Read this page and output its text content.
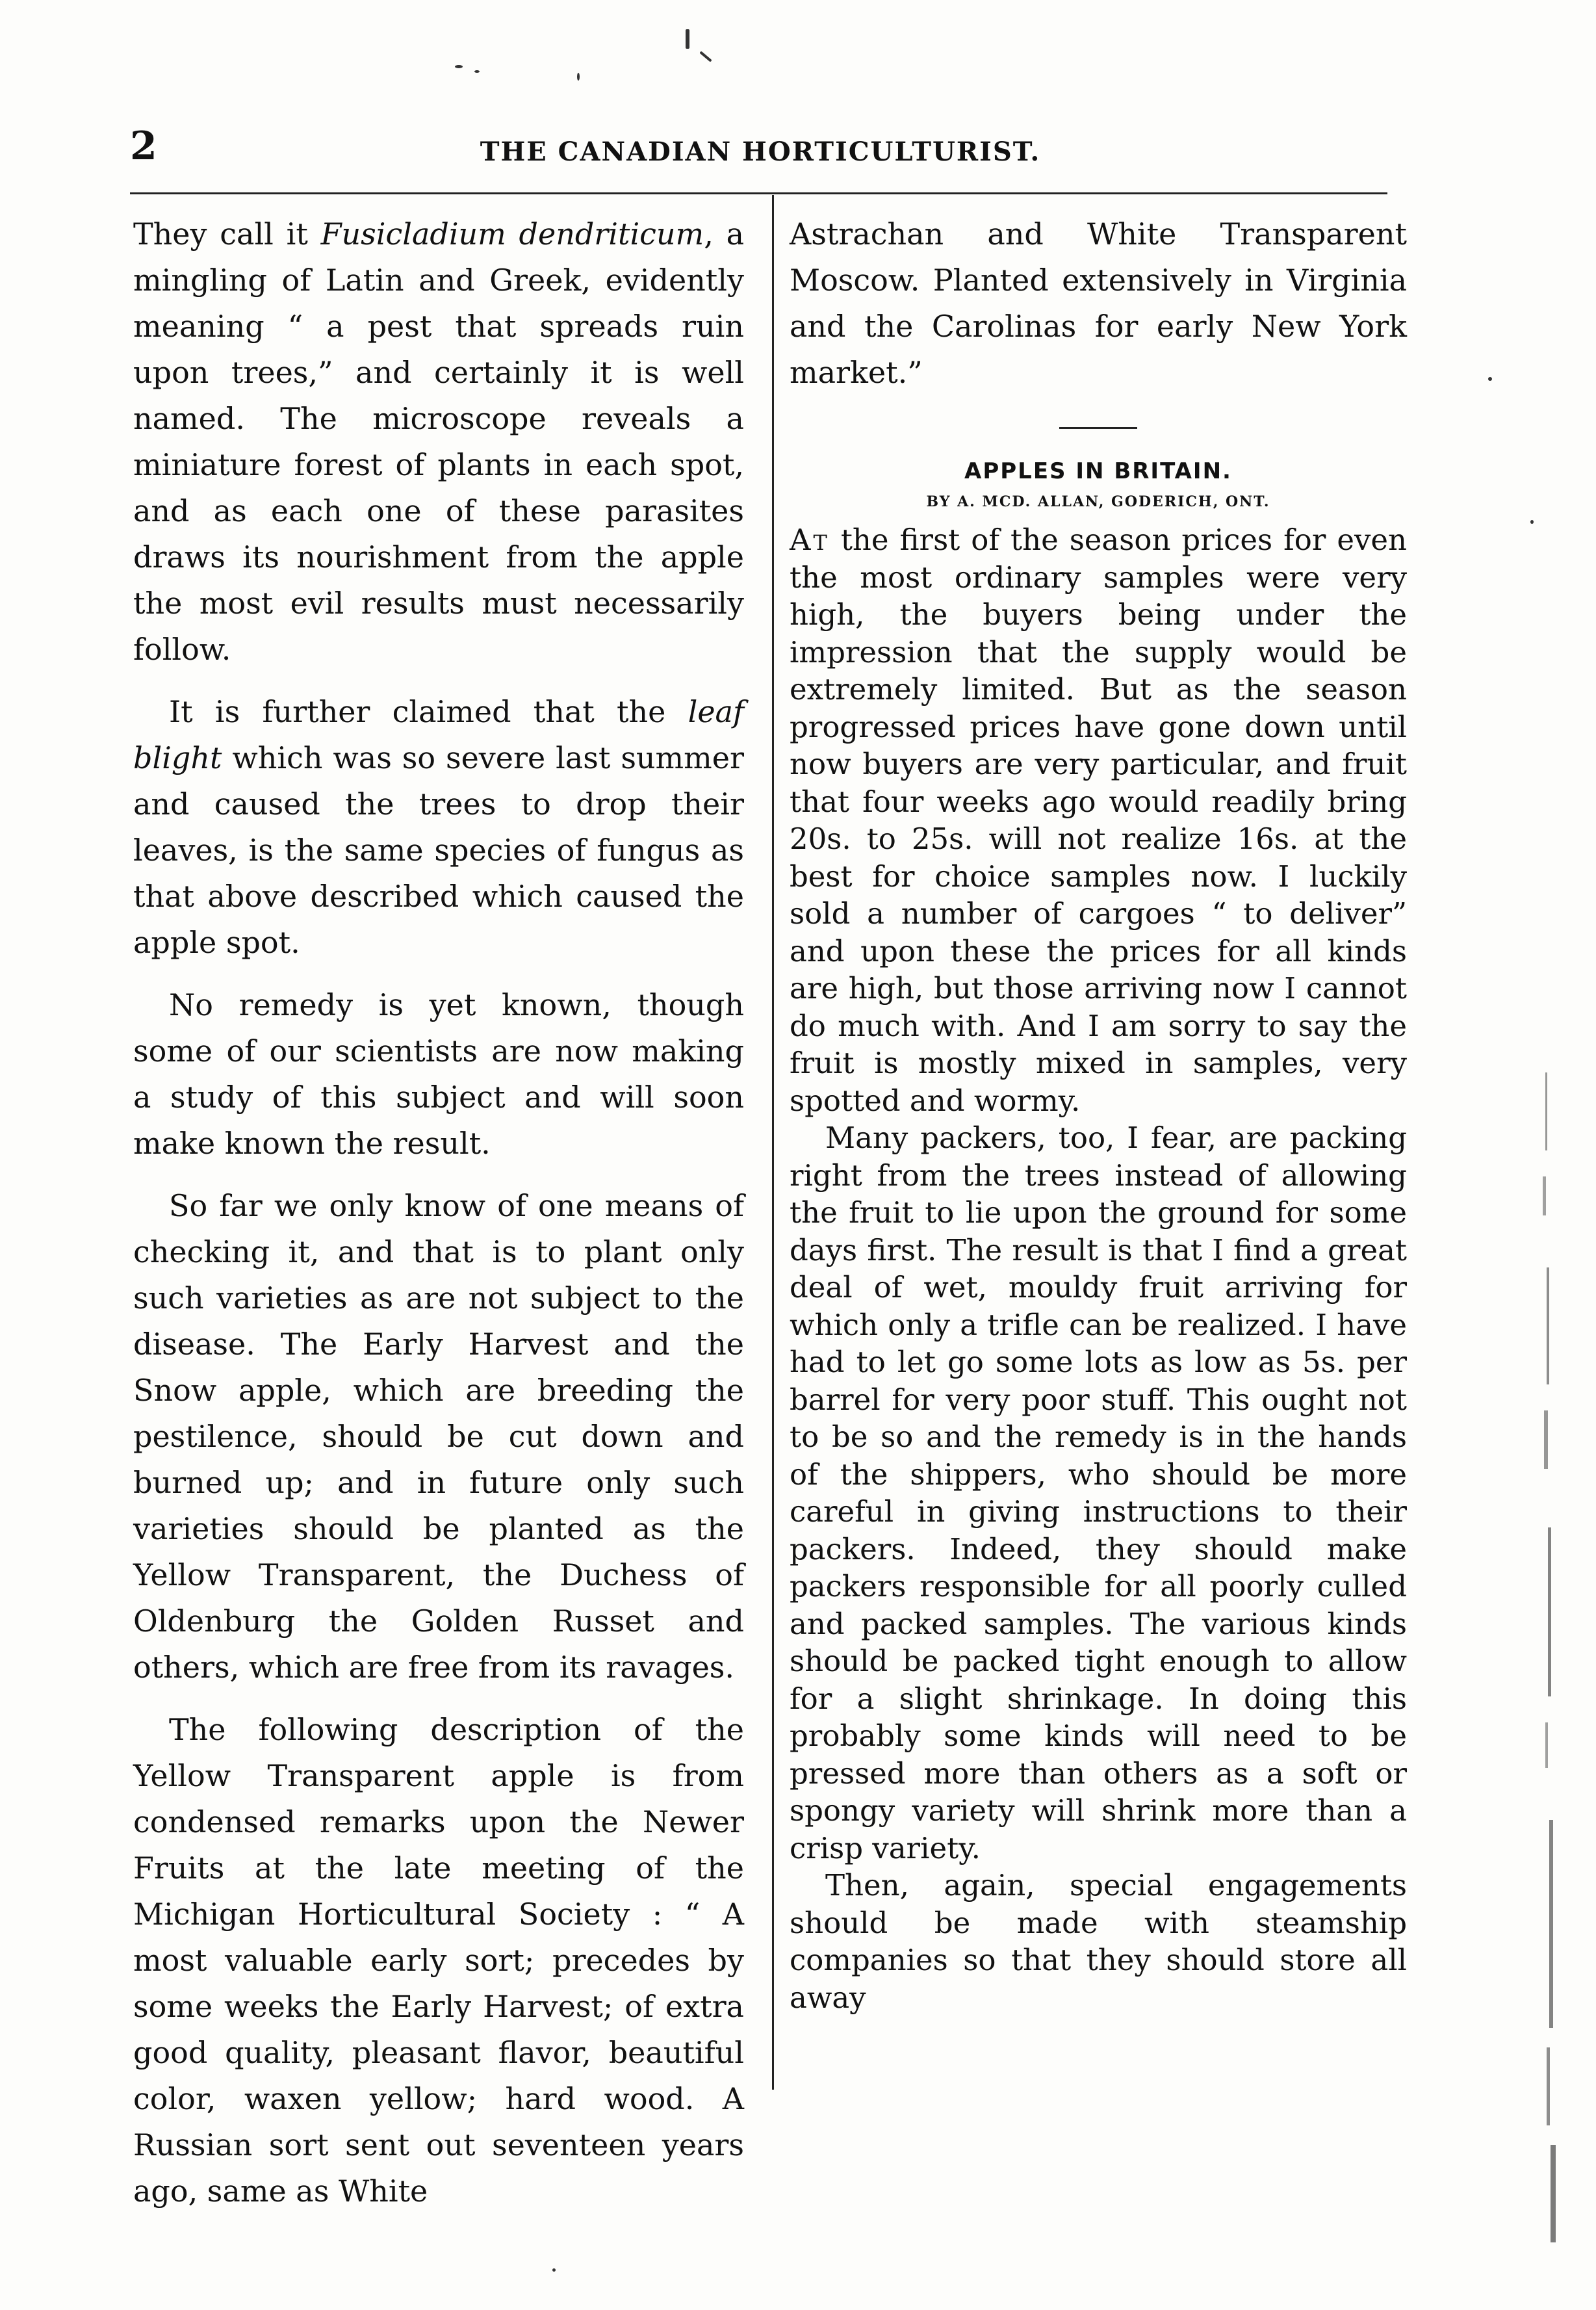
2	THE CANADIAN HORTICULTURIST.

They call it Fusicladium dendriticum, a mingling of Latin and Greek, evidently meaning “ a pest that spreads ruin upon trees,” and certainly it is well named. The microscope reveals a miniature forest of plants in each spot, and as each one of these parasites draws its nourishment from the apple the most evil results must necessarily follow.

It is further claimed that the leaf blight which was so severe last summer and caused the trees to drop their leaves, is the same species of fungus as that above described which caused the apple spot.

No remedy is yet known, though some of our scientists are now making a study of this subject and will soon make known the result.

So far we only know of one means of checking it, and that is to plant only such varieties as are not subject to the disease. The Early Harvest and the Snow apple, which are breeding the pestilence, should be cut down and burned up; and in future only such varieties should be planted as the Yellow Transparent, the Duchess of Oldenburg the Golden Russet and others, which are free from its ravages.

The following description of the Yellow Transparent apple is from condensed remarks upon the Newer Fruits at the late meeting of the Michigan Horticultural Society : “ A most valuable early sort; precedes by some weeks the Early Harvest; of extra good quality, pleasant flavor, beautiful color, waxen yellow; hard wood. A Russian sort sent out seventeen years ago, same as White

Astrachan and White Transparent Moscow. Planted extensively in Virginia and the Carolinas for early New York market.”

APPLES IN BRITAIN.
BY A. MCD. ALLAN, GODERICH, ONT.

At the first of the season prices for even the most ordinary samples were very high, the buyers being under the impression that the supply would be extremely limited. But as the season progressed prices have gone down until now buyers are very particular, and fruit that four weeks ago would readily bring 20s. to 25s. will not realize 16s. at the best for choice samples now. I luckily sold a number of cargoes “ to deliver” and upon these the prices for all kinds are high, but those arriving now I cannot do much with. And I am sorry to say the fruit is mostly mixed in samples, very spotted and wormy.

Many packers, too, I fear, are packing right from the trees instead of allowing the fruit to lie upon the ground for some days first. The result is that I find a great deal of wet, mouldy fruit arriving for which only a trifle can be realized. I have had to let go some lots as low as 5s. per barrel for very poor stuff. This ought not to be so and the remedy is in the hands of the shippers, who should be more careful in giving instructions to their packers. Indeed, they should make packers responsible for all poorly culled and packed samples. The various kinds should be packed tight enough to allow for a slight shrinkage. In doing this probably some kinds will need to be pressed more than others as a soft or spongy variety will shrink more than a crisp variety.

Then, again, special engagements should be made with steamship companies so that they should store all away
